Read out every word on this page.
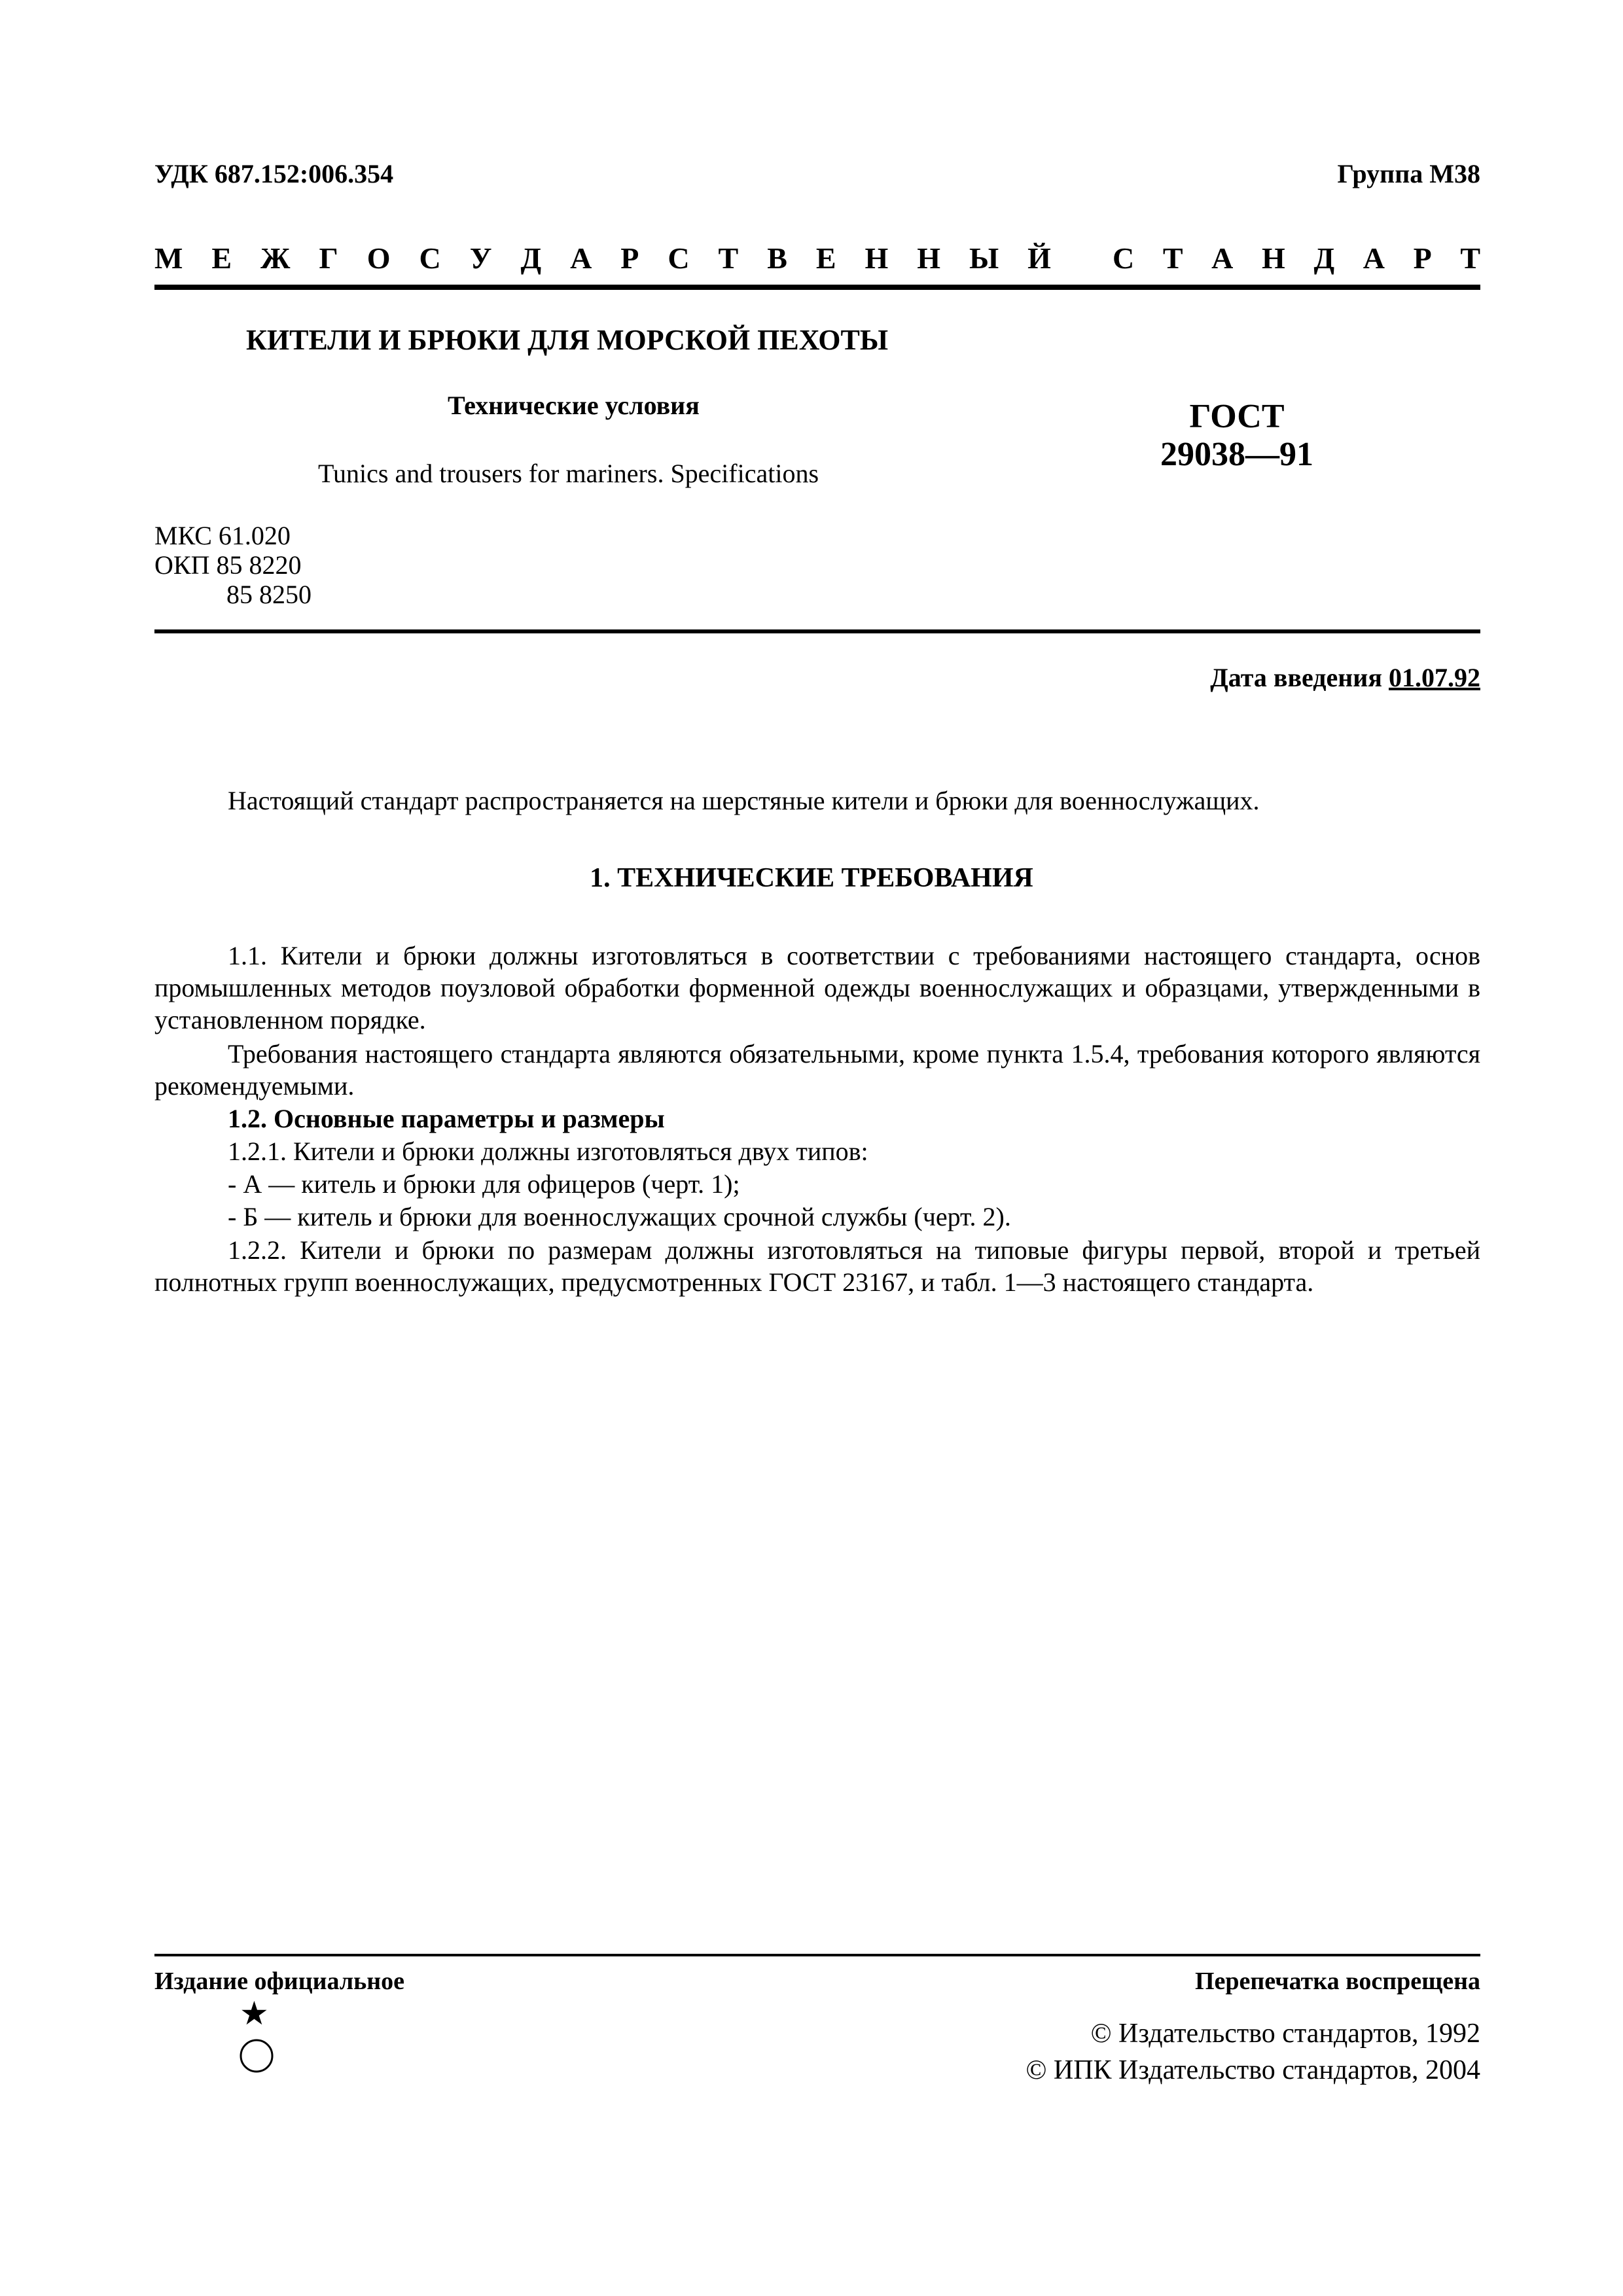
УДК 687.152:006.354	Группа М38
М Е Ж Г О С У Д А Р С Т В Е Н Н Ы Й С Т А Н Д А Р Т
КИТЕЛИ И БРЮКИ ДЛЯ МОРСКОЙ ПЕХОТЫ
Технические условия
Tunics and trousers for mariners. Specifications
ГОСТ
29038—91
МКС 61.020
ОКП 85 8220
85 8250
Дата введения 01.07.92
Настоящий стандарт распространяется на шерстяные кители и брюки для военнослужащих.
1. ТЕХНИЧЕСКИЕ ТРЕБОВАНИЯ
1.1. Кители и брюки должны изготовляться в соответствии с требованиями настоящего стандарта, основ промышленных методов поузловой обработки форменной одежды военнослужащих и образцами, утвержденными в установленном порядке.
Требования настоящего стандарта являются обязательными, кроме пункта 1.5.4, требования которого являются рекомендуемыми.
1.2. Основные параметры и размеры
1.2.1. Кители и брюки должны изготовляться двух типов:
- А — китель и брюки для офицеров (черт. 1);
- Б — китель и брюки для военнослужащих срочной службы (черт. 2).
1.2.2. Кители и брюки по размерам должны изготовляться на типовые фигуры первой, второй и третьей полнотных групп военнослужащих, предусмотренных ГОСТ 23167, и табл. 1—3 настоящего стандарта.
Издание официальное	Перепечатка воспрещена
★
© Издательство стандартов, 1992
© ИПК Издательство стандартов, 2004
